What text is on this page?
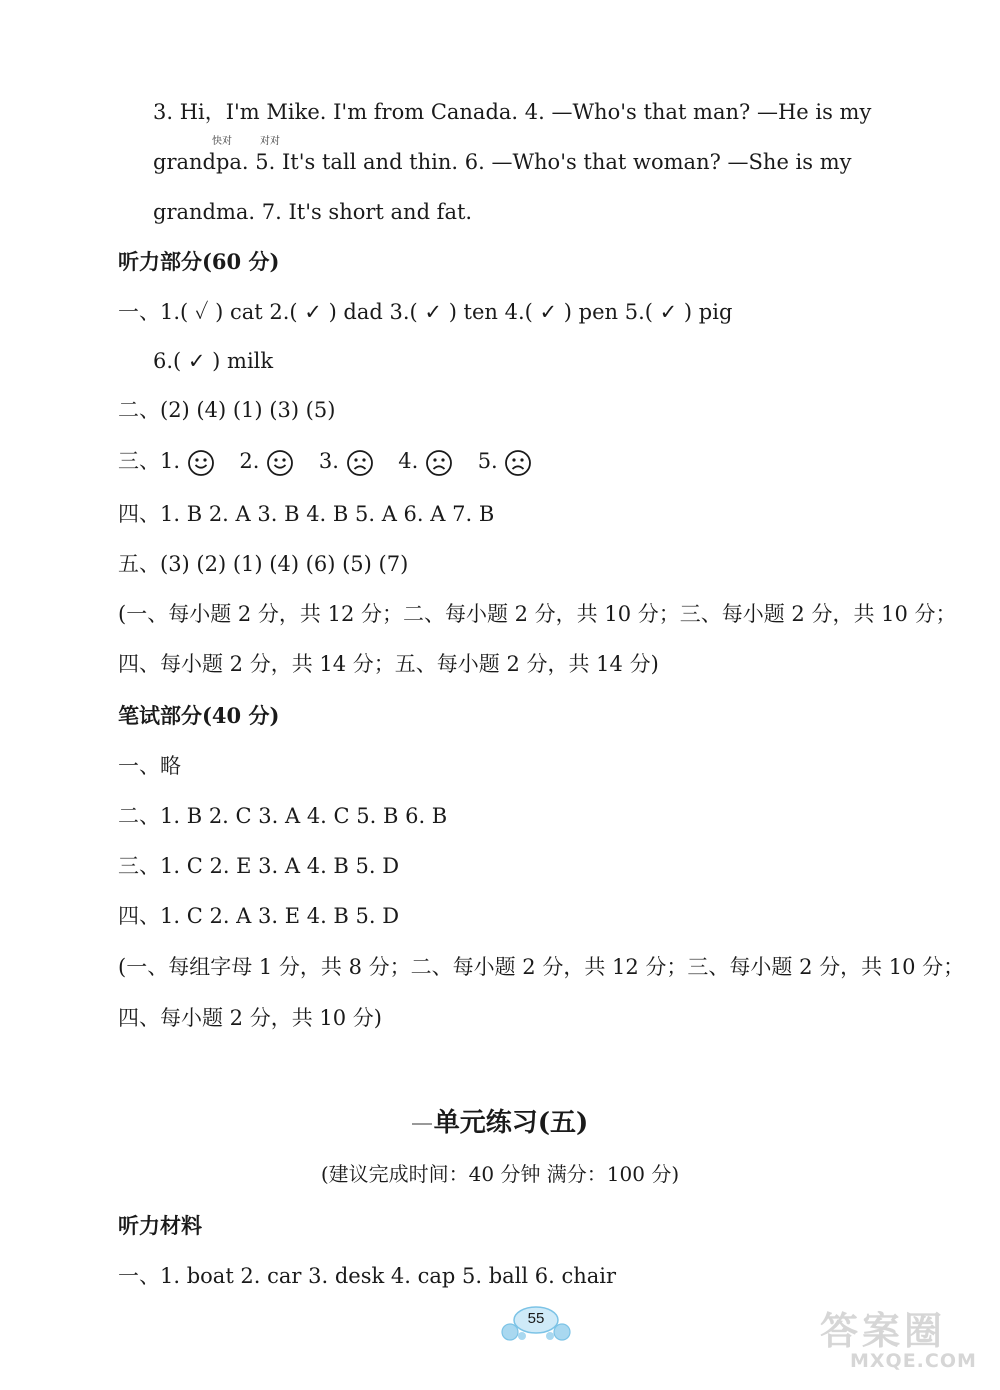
3. Hi，I'm Mike. I'm from Canada. 4. —Who's that man? —He is my
快对	对对
grandpa. 5. It's tall and thin. 6. —Who's that woman? —She is my
grandma. 7. It's short and fat.
听力部分(60 分)
一、1.( ✓ ) cat 2.( ✓ ) dad 3.( ✓ ) ten 4.( ✓ ) pen 5.( ✓ ) pig
6.( ✓ ) milk
二、(2) (4) (1) (3) (5)
三、1.	2.	3.	4.	5.
四、1. B 2. A 3. B 4. B 5. A 6. A 7. B
五、(3) (2) (1) (4) (6) (5) (7)
(一、每小题 2 分，共 12 分；二、每小题 2 分，共 10 分；三、每小题 2 分，共 10 分；
四、每小题 2 分，共 14 分；五、每小题 2 分，共 14 分)
笔试部分(40 分)
一、略
二、1. B 2. C 3. A 4. C 5. B 6. B
三、1. C 2. E 3. A 4. B 5. D
四、1. C 2. A 3. E 4. B 5. D
(一、每组字母 1 分，共 8 分；二、每小题 2 分，共 12 分；三、每小题 2 分，共 10 分；
四、每小题 2 分，共 10 分)
单元练习(五)
(建议完成时间：40 分钟 满分：100 分)
听力材料
一、1. boat 2. car 3. desk 4. cap 5. ball 6. chair
55	答案圈
MXQE.COM
